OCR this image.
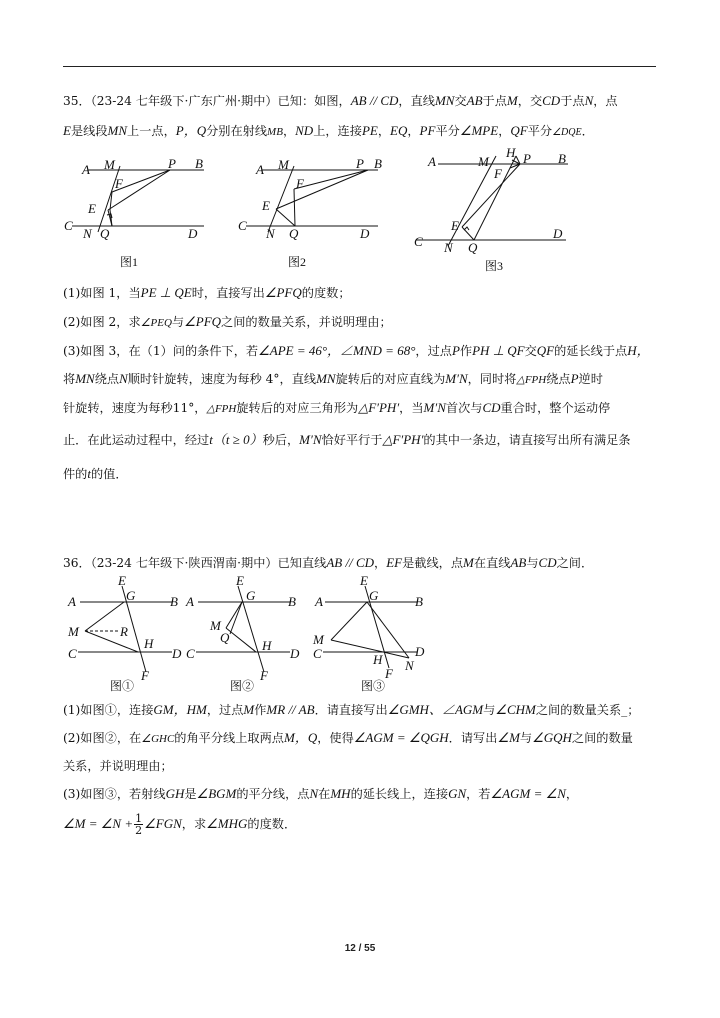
35．（23-24 七年级下·广东广州·期中）已知：如图，AB // CD，直线MN交AB于点M，交CD于点N，点
E是线段MN上一点，P，Q分别在射线MB，ND上，连接PE，EQ，PF平分∠MPE，QF平分∠DQE．
A M	P B
F
E
C
N Q	D
图1
A M	P B
F
E
C
N Q	D
图2
A	M
H P B
F
E
C N Q
D
图3
(1)如图 1，当PE ⊥ QE时，直接写出∠PFQ的度数；
(2)如图 2，求∠PEQ与∠PFQ之间的数量关系，并说明理由；
(3)如图 3，在（1）问的条件下，若∠APE = 46°，∠MND = 68°，过点P作PH ⊥ QF交QF的延长线于点H，
将MN绕点N顺时针旋转，速度为每秒 4°，直线MN旋转后的对应直线为M′N，同时将△FPH绕点P逆时
针旋转，速度为每秒11°，△FPH旋转后的对应三角形为△F′PH′，当M′N首次与CD重合时，整个运动停
止．在此运动过程中，经过t（t ≥ 0）秒后，M′N恰好平行于△F′PH′的其中一条边，请直接写出所有满足条
件的t的值．
36．（23-24 七年级下·陕西渭南·期中）已知直线AB // CD，EF是截线，点M在直线AB与CD之间．
A
E
G	B
M	R
H
C	D
F
图①
A
E
G	B
M
Q
H
C	D
F
图②
A
E
G	B
M
H
C	D
N
F
图③
(1)如图①，连接GM，HM，过点M作MR // AB．请直接写出∠GMH、∠AGM与∠CHM之间的数量关系_；
(2)如图②，在∠GHC的角平分线上取两点M，Q，使得∠AGM = ∠QGH．请写出∠M与∠GQH之间的数量
关系，并说明理由；
(3)如图③，若射线GH是∠BGM的平分线，点N在MH的延长线上，连接GN，若∠AGM = ∠N，
∠M = ∠N + $\frac{1}{2}$ ∠FGN，求∠MHG的度数．
12 / 55
